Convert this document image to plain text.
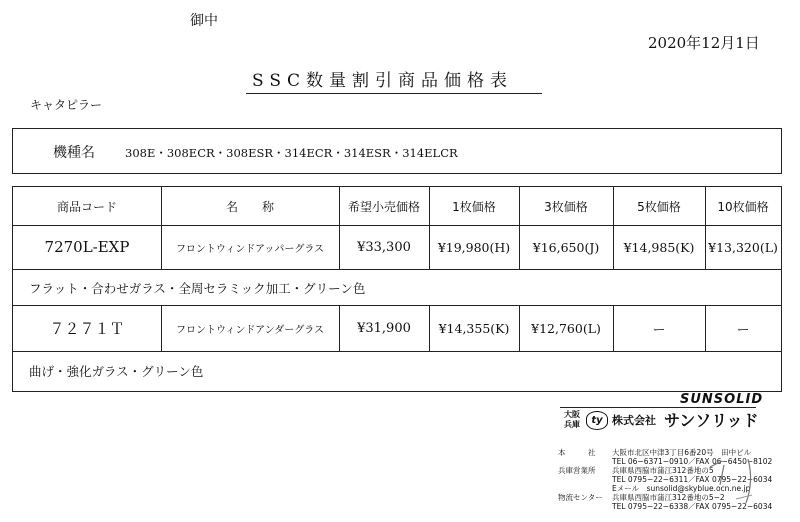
御中
2020年12月1日
SSC数量割引商品価格表
キャタピラー
機種名	308E・308ECR・308ESR・314ECR・314ESR・314ELCR
商品コード	名　　称	希望小売価格	1枚価格	3枚価格	5枚価格	10枚価格
7270L-EXP	フロントウィンドアッパーグラス	¥33,300	¥19,980(H)	¥16,650(J)	¥14,985(K)	¥13,320(L)
フラット・合わせガラス・全周セラミック加工・グリーン色
７２７１Ｔ	フロントウィンドアンダーグラス	¥31,900	¥14,355(K)	¥12,760(L)	ー	ー
曲げ・強化ガラス・グリーン色
SUNSOLID
大阪
兵庫	ty 株式会社 サンソリッド
本　　　社 大阪市北区中津3丁目6番20号　田中ビル
TEL 06−6371−0910／FAX 06−6450−8102
兵庫営業所 兵庫県西脇市蒲江312番地の5
TEL 0795−22−6311／FAX 0795−22−6034
Eメール　sunsolid@skyblue.ocn.ne.jp
物流センター 兵庫県西脇市蒲江312番地の5−2
TEL 0795−22−6338／FAX 0795−22−6034
